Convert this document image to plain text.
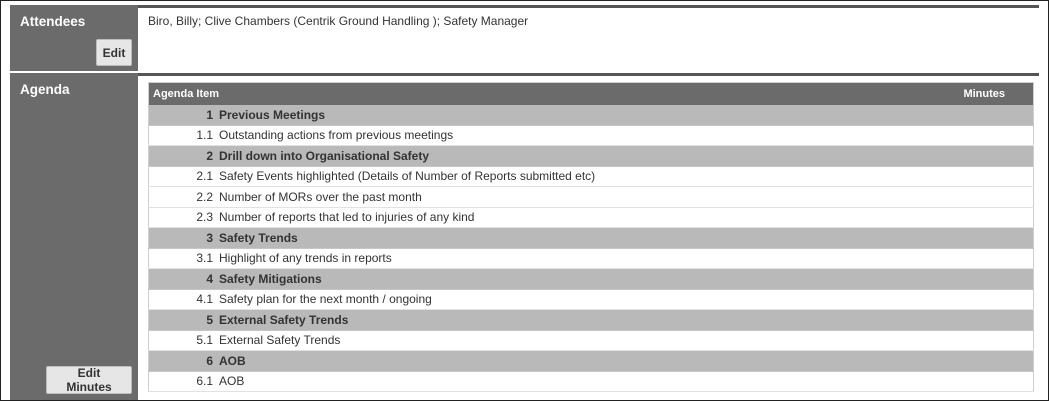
Attendees
Edit
Biro, Billy; Clive Chambers (Centrik Ground Handling ); Safety Manager
Agenda
Edit Minutes
Agenda Item		Minutes
1	Previous Meetings	
1.1	Outstanding actions from previous meetings	
2	Drill down into Organisational Safety	
2.1	Safety Events highlighted (Details of Number of Reports submitted etc)	
2.2	Number of MORs over the past month	
2.3	Number of reports that led to injuries of any kind	
3	Safety Trends	
3.1	Highlight of any trends in reports	
4	Safety Mitigations	
4.1	Safety plan for the next month / ongoing	
5	External Safety Trends	
5.1	External Safety Trends	
6	AOB	
6.1	AOB	
